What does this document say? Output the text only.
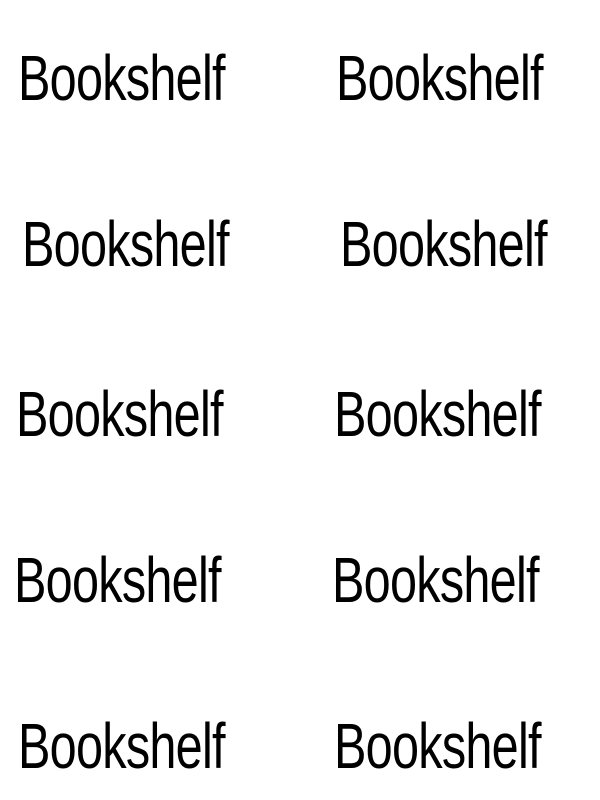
Bookshelf Bookshelf
Bookshelf Bookshelf
Bookshelf Bookshelf
Bookshelf Bookshelf
Bookshelf Bookshelf
